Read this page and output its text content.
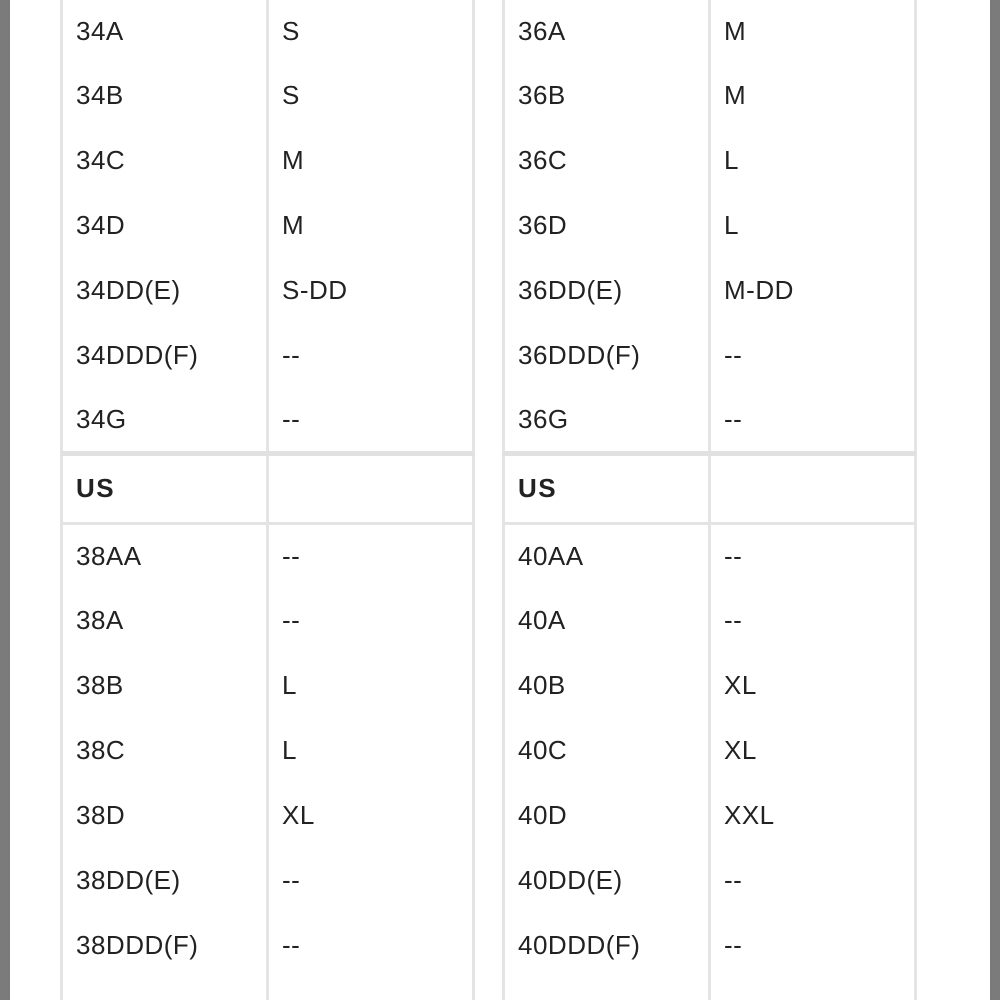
34A	S
34B	S
34C	M
34D	M
34DD(E)	S-DD
34DDD(F)	--
34G	--
US	
38AA	--
38A	--
38B	L
38C	L
38D	XL
38DD(E)	--
38DDD(F)	--

36A	M
36B	M
36C	L
36D	L
36DD(E)	M-DD
36DDD(F)	--
36G	--
US	
40AA	--
40A	--
40B	XL
40C	XL
40D	XXL
40DD(E)	--
40DDD(F)	--
